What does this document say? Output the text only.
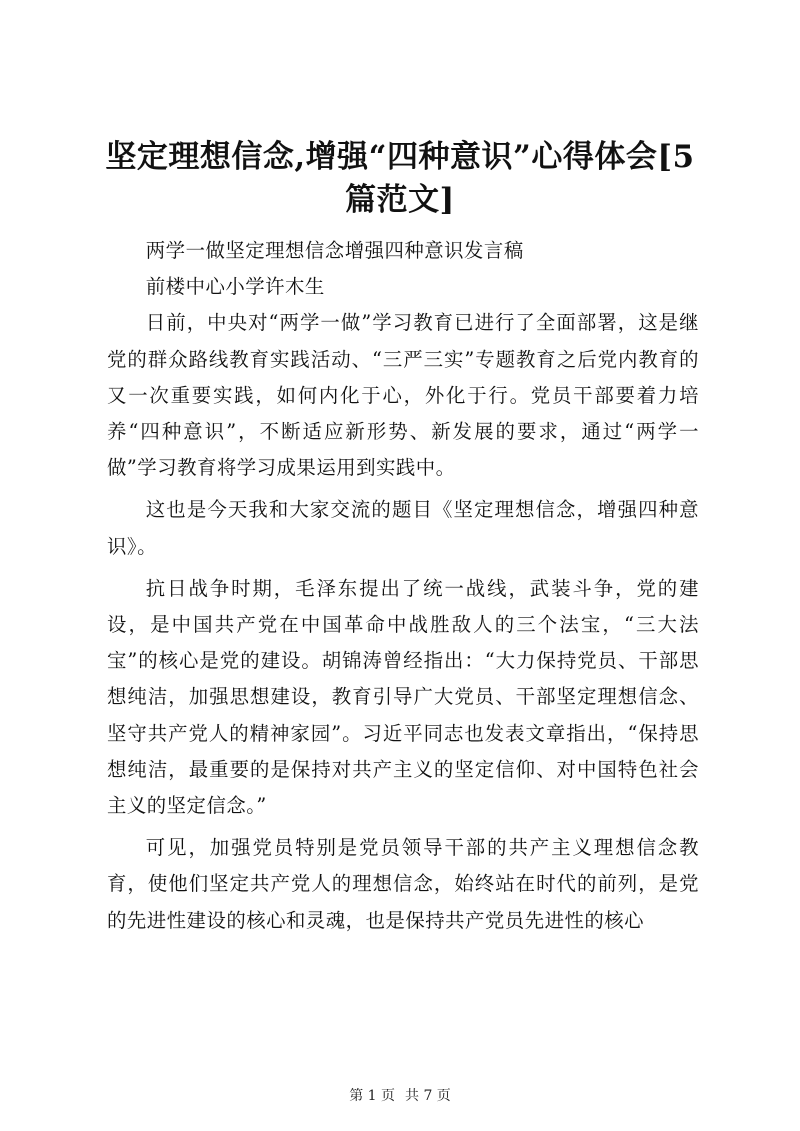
坚定理想信念,增强“四种意识”心得体会[5篇范文]

两学一做坚定理想信念增强四种意识发言稿

前楼中心小学许木生

日前，中央对“两学一做”学习教育已进行了全面部署，这是继党的群众路线教育实践活动、“三严三实”专题教育之后党内教育的又一次重要实践，如何内化于心，外化于行。党员干部要着力培养“四种意识”，不断适应新形势、新发展的要求，通过“两学一做”学习教育将学习成果运用到实践中。

这也是今天我和大家交流的题目《坚定理想信念，增强四种意识》。

抗日战争时期，毛泽东提出了统一战线，武装斗争，党的建设，是中国共产党在中国革命中战胜敌人的三个法宝，“三大法宝”的核心是党的建设。胡锦涛曾经指出：“大力保持党员、干部思想纯洁，加强思想建设，教育引导广大党员、干部坚定理想信念、坚守共产党人的精神家园”。习近平同志也发表文章指出，“保持思想纯洁，最重要的是保持对共产主义的坚定信仰、对中国特色社会主义的坚定信念。”

可见，加强党员特别是党员领导干部的共产主义理想信念教育，使他们坚定共产党人的理想信念，始终站在时代的前列，是党的先进性建设的核心和灵魂，也是保持共产党员先进性的核心

第 1 页 共 7 页
